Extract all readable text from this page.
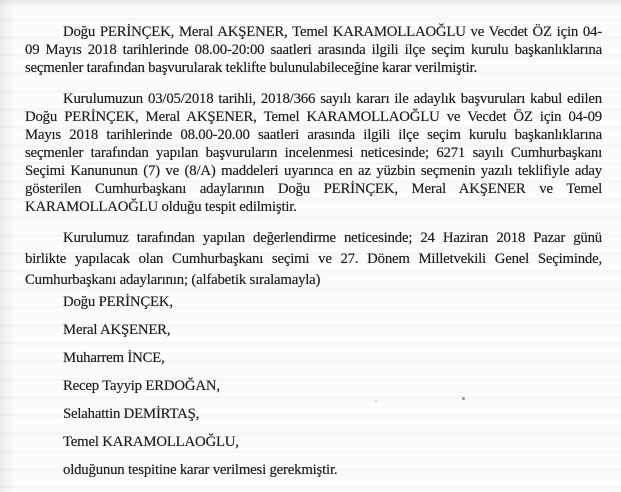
Doğu PERİNÇEK, Meral AKŞENER, Temel KARAMOLLAOĞLU ve Vecdet ÖZ için 04-
09 Mayıs 2018 tarihlerinde 08.00-20:00 saatleri arasında ilgili ilçe seçim kurulu başkanlıklarına
seçmenler tarafından başvurularak teklifte bulunulabileceğine karar verilmiştir.
Kurulumuzun 03/05/2018 tarihli, 2018/366 sayılı kararı ile adaylık başvuruları kabul edilen
Doğu PERİNÇEK, Meral AKŞENER, Temel KARAMOLLAOĞLU ve Vecdet ÖZ için 04-09
Mayıs 2018 tarihlerinde 08.00-20.00 saatleri arasında ilgili ilçe seçim kurulu başkanlıklarına
seçmenler tarafından yapılan başvuruların incelenmesi neticesinde; 6271 sayılı Cumhurbaşkanı
Seçimi Kanununun (7) ve (8/A) maddeleri uyarınca en az yüzbin seçmenin yazılı teklifiyle aday
gösterilen Cumhurbaşkanı adaylarının Doğu PERİNÇEK, Meral AKŞENER ve Temel
KARAMOLLAOĞLU olduğu tespit edilmiştir.
Kurulumuz tarafından yapılan değerlendirme neticesinde; 24 Haziran 2018 Pazar günü
birlikte yapılacak olan Cumhurbaşkanı seçimi ve 27. Dönem Milletvekili Genel Seçiminde,
Cumhurbaşkanı adaylarının; (alfabetik sıralamayla)
Doğu PERİNÇEK,
Meral AKŞENER,
Muharrem İNCE,
Recep Tayyip ERDOĞAN,
Selahattin DEMİRTAŞ,
Temel KARAMOLLAOĞLU,
olduğunun tespitine karar verilmesi gerekmiştir.
